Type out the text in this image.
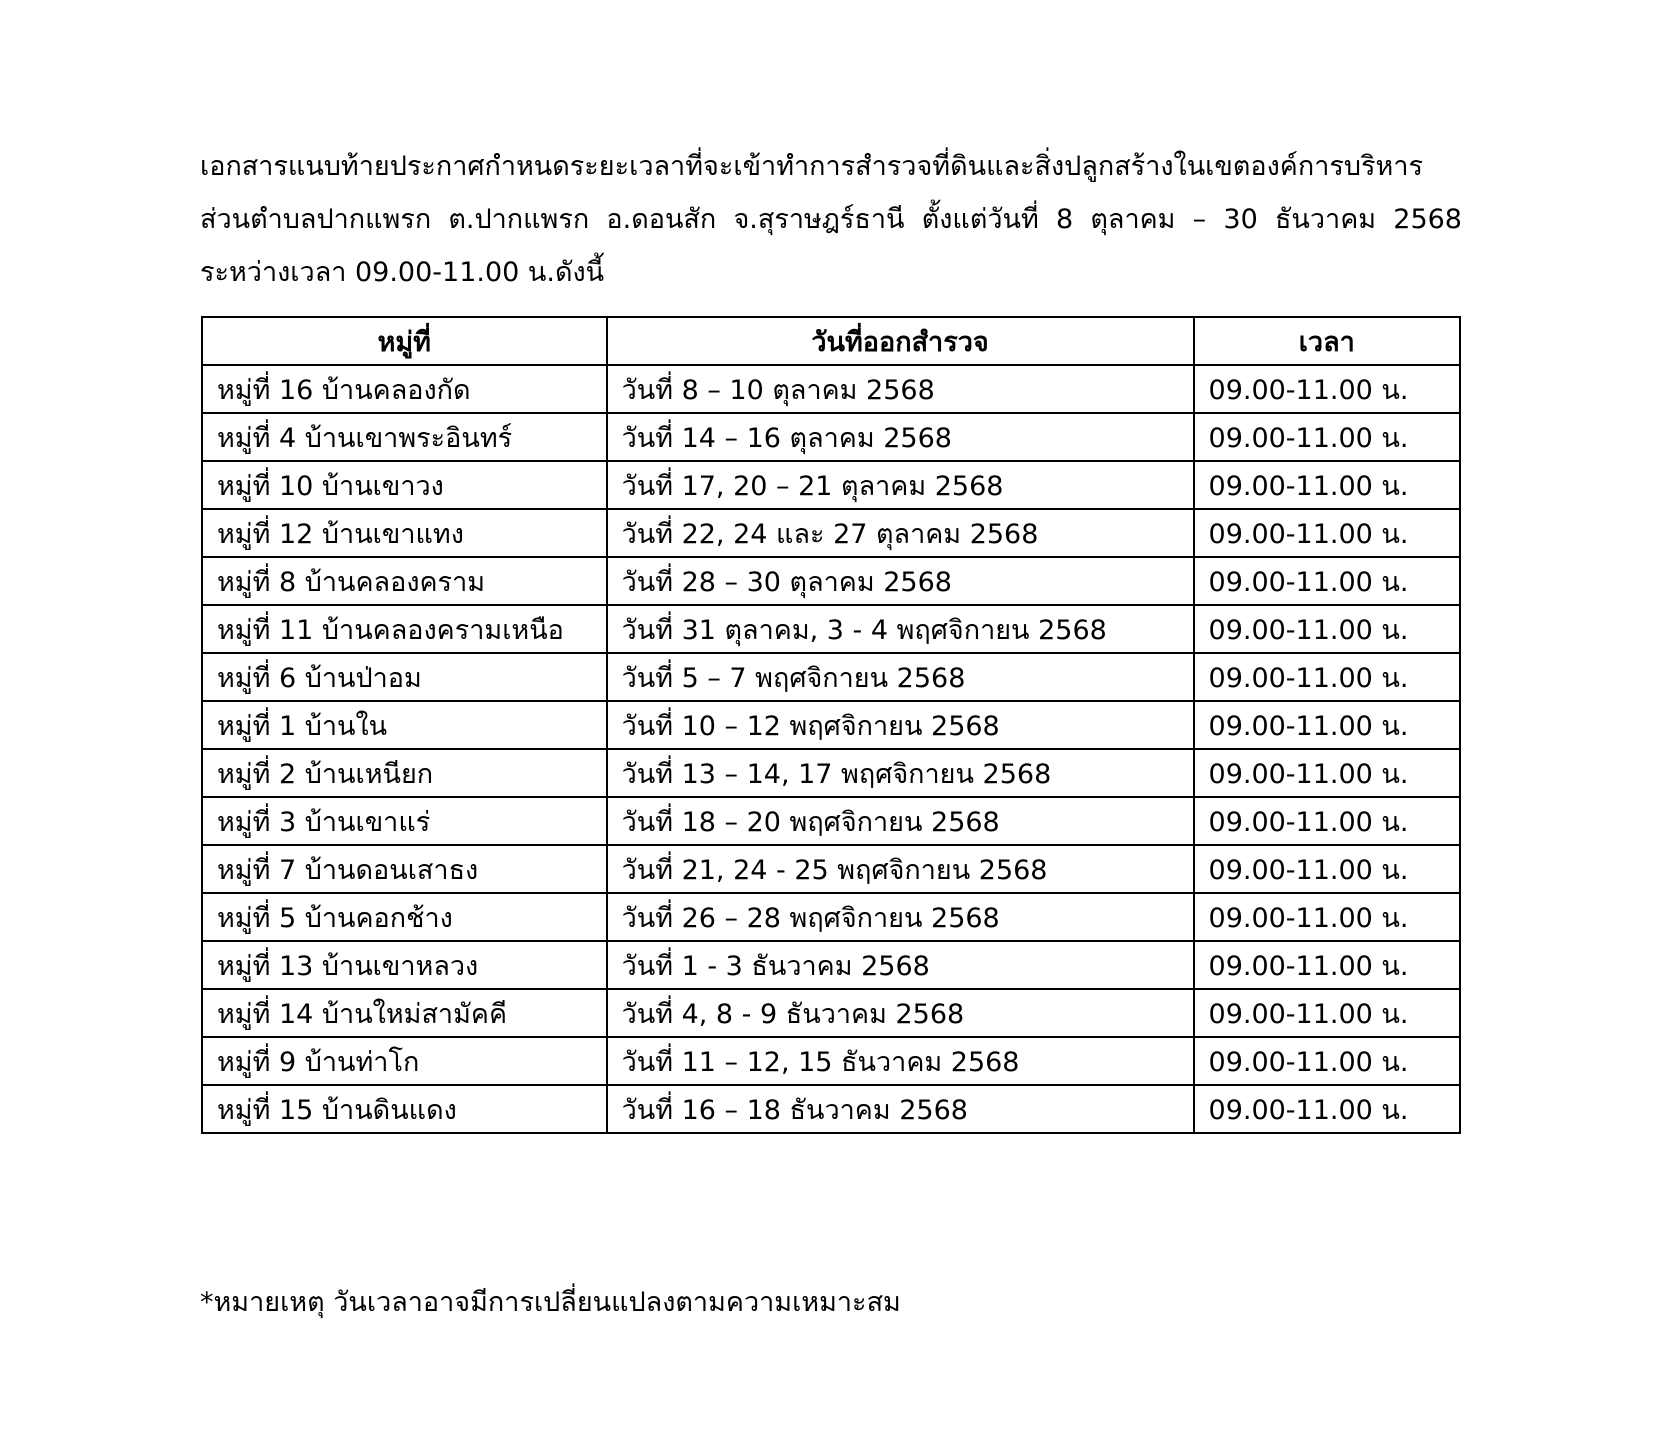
เอกสารแนบท้ายประกาศกำหนดระยะเวลาที่จะเข้าทำการสำรวจที่ดินและสิ่งปลูกสร้างในเขตองค์การบริหาร
ส่วนตำบลปากแพรก ต.ปากแพรก อ.ดอนสัก จ.สุราษฎร์ธานี ตั้งแต่วันที่ 8 ตุลาคม – 30 ธันวาคม 2568
ระหว่างเวลา 09.00-11.00 น.ดังนี้
หมู่ที่	วันที่ออกสำรวจ	เวลา
หมู่ที่ 16 บ้านคลองกัด	วันที่ 8 – 10 ตุลาคม 2568	09.00-11.00 น.
หมู่ที่ 4 บ้านเขาพระอินทร์	วันที่ 14 – 16 ตุลาคม 2568	09.00-11.00 น.
หมู่ที่ 10 บ้านเขาวง	วันที่ 17, 20 – 21 ตุลาคม 2568	09.00-11.00 น.
หมู่ที่ 12 บ้านเขาแทง	วันที่ 22, 24 และ 27 ตุลาคม 2568	09.00-11.00 น.
หมู่ที่ 8 บ้านคลองคราม	วันที่ 28 – 30 ตุลาคม 2568	09.00-11.00 น.
หมู่ที่ 11 บ้านคลองครามเหนือ	วันที่ 31 ตุลาคม, 3 - 4 พฤศจิกายน 2568	09.00-11.00 น.
หมู่ที่ 6 บ้านป่าอม	วันที่ 5 – 7 พฤศจิกายน 2568	09.00-11.00 น.
หมู่ที่ 1 บ้านใน	วันที่ 10 – 12 พฤศจิกายน 2568	09.00-11.00 น.
หมู่ที่ 2 บ้านเหนียก	วันที่ 13 – 14, 17 พฤศจิกายน 2568	09.00-11.00 น.
หมู่ที่ 3 บ้านเขาแร่	วันที่ 18 – 20 พฤศจิกายน 2568	09.00-11.00 น.
หมู่ที่ 7 บ้านดอนเสาธง	วันที่ 21, 24 - 25 พฤศจิกายน 2568	09.00-11.00 น.
หมู่ที่ 5 บ้านคอกช้าง	วันที่ 26 – 28 พฤศจิกายน 2568	09.00-11.00 น.
หมู่ที่ 13 บ้านเขาหลวง	วันที่ 1 - 3 ธันวาคม 2568	09.00-11.00 น.
หมู่ที่ 14 บ้านใหม่สามัคคี	วันที่ 4, 8 - 9 ธันวาคม 2568	09.00-11.00 น.
หมู่ที่ 9 บ้านท่าโก	วันที่ 11 – 12, 15 ธันวาคม 2568	09.00-11.00 น.
หมู่ที่ 15 บ้านดินแดง	วันที่ 16 – 18 ธันวาคม 2568	09.00-11.00 น.
*หมายเหตุ วันเวลาอาจมีการเปลี่ยนแปลงตามความเหมาะสม
